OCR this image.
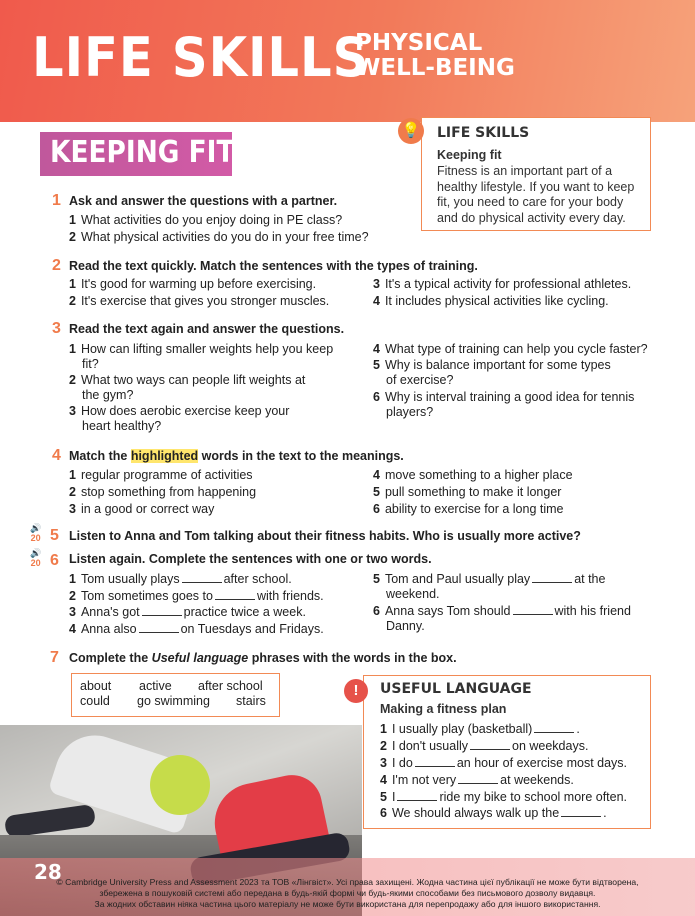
LIFE SKILLS
PHYSICAL
WELL-BEING
KEEPING FIT
💡 LIFE SKILLS
Keeping fit
Fitness is an important part of a healthy lifestyle. If you want to keep fit, you need to care for your body and do physical activity every day.
1 Ask and answer the questions with a partner.
1 What activities do you enjoy doing in PE class?
2 What physical activities do you do in your free time?
2 Read the text quickly. Match the sentences with the types of training.
1 It's good for warming up before exercising.
2 It's exercise that gives you stronger muscles.
3 It's a typical activity for professional athletes.
4 It includes physical activities like cycling.
3 Read the text again and answer the questions.
1 How can lifting smaller weights help you keep
fit?
2 What two ways can people lift weights at
the gym?
3 How does aerobic exercise keep your
heart healthy?
4 What type of training can help you cycle faster?
5 Why is balance important for some types
of exercise?
6 Why is interval training a good idea for tennis
players?
4 Match the highlighted words in the text to the meanings.
1 regular programme of activities
2 stop something from happening
3 in a good or correct way
4 move something to a higher place
5 pull something to make it longer
6 ability to exercise for a long time
🔊
20 5 Listen to Anna and Tom talking about their fitness habits. Who is usually more active?
🔊
20 6 Listen again. Complete the sentences with one or two words.
1 Tom usually plays	after school.
2 Tom sometimes goes to	with friends.
3 Anna's got	practice twice a week.
4 Anna also	on Tuesdays and Fridays.
5 Tom and Paul usually play	at the
weekend.
6 Anna says Tom should	with his friend
Danny.
7 Complete the Useful language phrases with the words in the box.
about active after school
could go swimming stairs
!	USEFUL LANGUAGE
Making a fitness plan
1 I usually play (basketball)	.
2 I don't usually	on weekdays.
3 I do	an hour of exercise most days.
4 I'm not very	at weekends.
5 I	ride my bike to school more often.
6 We should always walk up the	.
28
© Cambridge University Press and Assessment 2023 та ТОВ «Лінгвіст». Усі права захищені. Жодна частина цієї публікації не може бути відтворена,
збережена в пошуковій системі або передана в будь-якій формі чи будь-якими способами без письмового дозволу видавця.
За жодних обставин ніяка частина цього матеріалу не може бути використана для перепродажу або для іншого використання.
